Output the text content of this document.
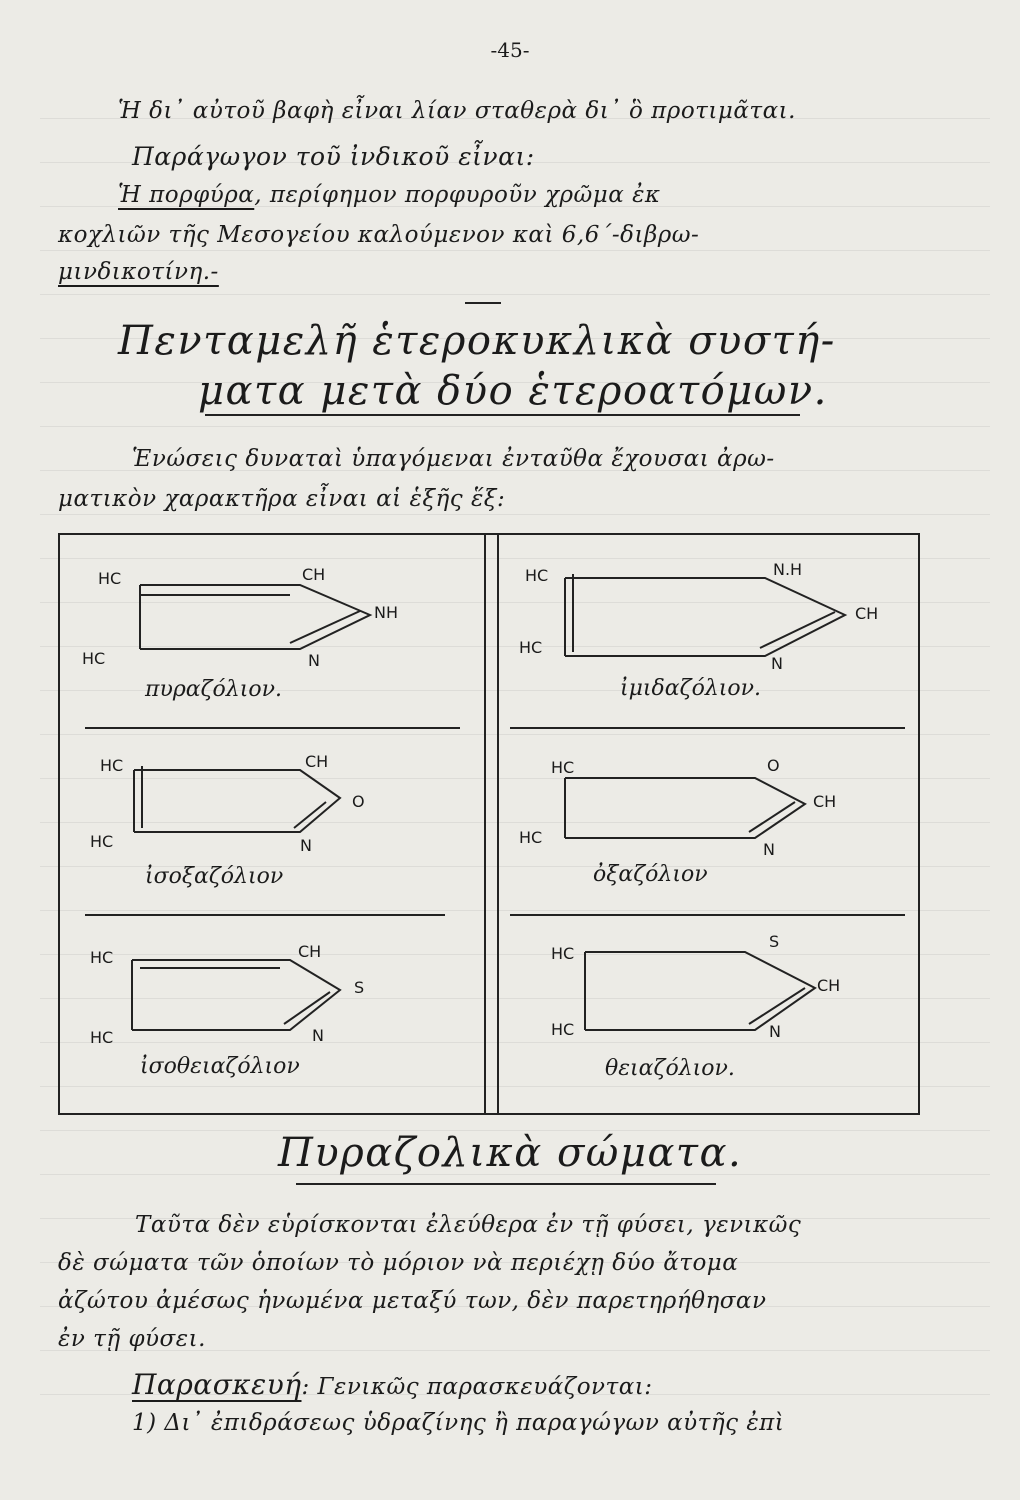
-45-
Ἡ δι᾽ αὐτοῦ βαφὴ εἶναι λίαν σταθερὰ δι᾽ ὃ προτιμᾶται.
Παράγωγον τοῦ ἰνδικοῦ εἶναι:
Ἡ πορφύρα, περίφημον πορφυροῦν χρῶμα ἐκ
κοχλιῶν τῆς Μεσογείου καλούμενον καὶ 6,6΄-διβρω-
μινδικοτίνη.-
Πενταμελῆ ἑτεροκυκλικὰ συστή-
ματα μετὰ δύο ἑτεροατόμων.
Ἑνώσεις δυναταὶ ὑπαγόμεναι ἐνταῦθα ἔχουσαι ἀρω-
ματικὸν χαρακτῆρα εἶναι αἱ ἑξῆς ἕξ:
HC	CH
NH
HC	N
πυραζόλιον.
HC	N.H
CH
HC
N
ἰμιδαζόλιον.
HC	CH
O
HC	N
ἰσοξαζόλιον
HC	O
CH
HC
N
ὀξαζόλιον
HC	CH
S
HC	N
ἰσοθειαζόλιον
HC
S
CH
HC	N
θειαζόλιον.
Πυραζολικὰ σώματα.
Ταῦτα δὲν εὑρίσκονται ἐλεύθερα ἐν τῇ φύσει, γενικῶς
δὲ σώματα τῶν ὁποίων τὸ μόριον νὰ περιέχῃ δύο ἄτομα
ἀζώτου ἀμέσως ἡνωμένα μεταξύ των, δὲν παρετηρήθησαν
ἐν τῇ φύσει.
Παρασκευή: Γενικῶς παρασκευάζονται:
1) Δι᾽ ἐπιδράσεως ὑδραζίνης ἢ παραγώγων αὐτῆς ἐπὶ
